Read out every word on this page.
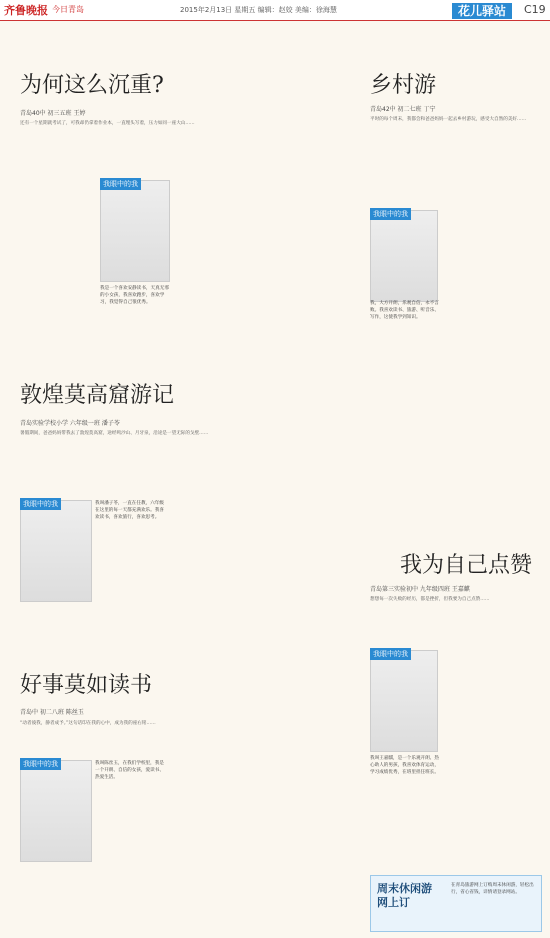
齐鲁晚报 今日青岛	2015年2月13日 星期五 编辑：赵姣 美编：徐海慧	花儿驿站	C19
为何这么沉重?
青岛40中 初三五班 王婷
我眼中的我
我是一个喜欢安静读书，天真无邪的小女孩，我喜欢跑步，喜欢学习，我觉得自己很优秀。
还有一个星期就考试了，可我却仍拿着作业本，一直埋头写着，压力如同一座大山……
乡村游
青岛42中 初二七班 丁宁
我眼中的我
我，大方开朗，乐观自信，永不言败。我喜欢读书、旅游、听音乐、写作，这使我学到知识。
平时的每个周末，我都会和爸爸妈妈一起去乡村游玩，感受大自然的美好……
敦煌莫高窟游记
青岛实验学校小学 六年级一班 潘子苓
我眼中的我	我叫潘子苓，一直在任教，六年级在这里的每一天都充满欢乐。我喜欢读书，喜欢旅行，喜欢思考。
暑假期间，爸爸妈妈带我去了敦煌莫高窟，途经鸣沙山、月牙泉，沿途是一望无际的戈壁……
我为自己点赞
青岛第三实验初中 九年级四班 王嘉麒
我眼中的我
我叫王嘉麒，是一个乐观开朗、热心助人的男孩，我喜欢体育运动，学习成绩优秀，在班里担任班长。
想想每一次失败的经历，都是挫折，但我要为自己点赞……
好事莫如读书
青岛中 初二八班 陈丝玉
我眼中的我	我叫陈丝玉，在我们学校里，我是一个开朗、自信的女孩，爱读书、热爱生活。
“动者彼我，静者成予。”这句话印在我的心中，成为我的座右铭……
周末休闲游
网上订
在青岛旅游网上订购周末休闲游，轻松出行，省心省钱，详情请登录网站。
